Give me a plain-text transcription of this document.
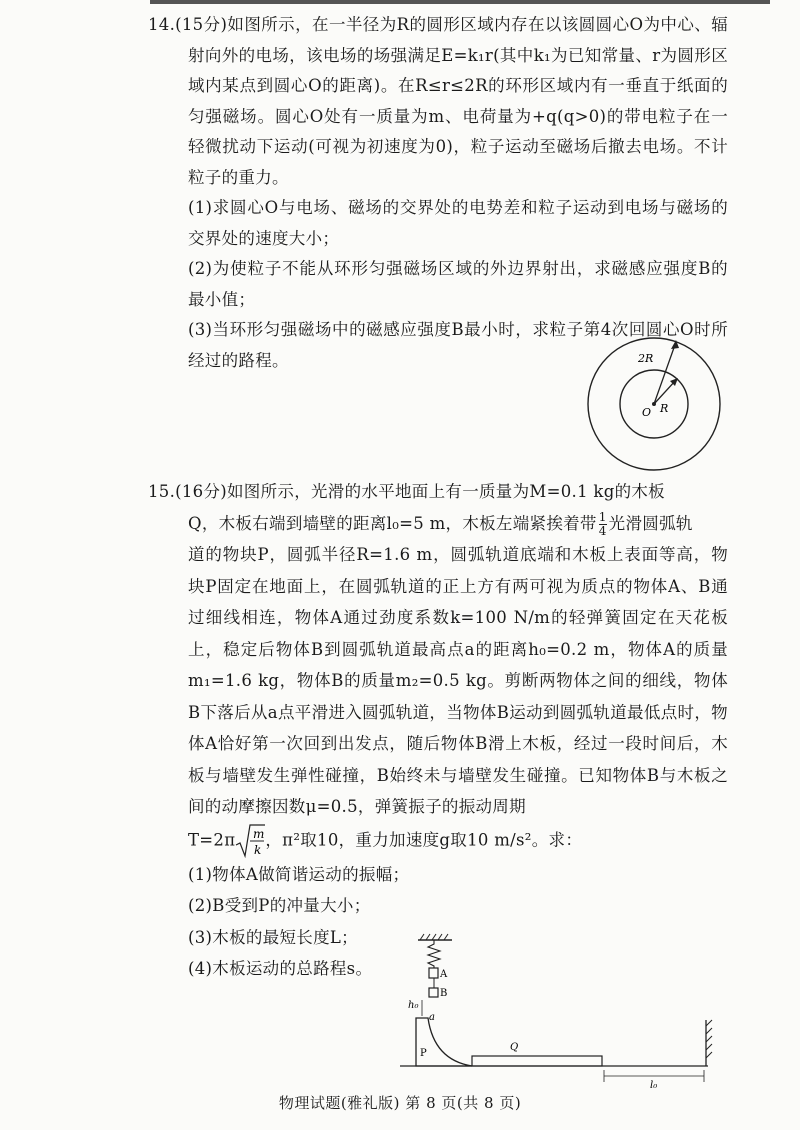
14.(15分)如图所示，在一半径为R的圆形区域内存在以该圆圆心O为中心、辐射向外的电场，该电场的场强满足E=k₁r(其中k₁为已知常量、r为圆形区域内某点到圆心O的距离)。在R≤r≤2R的环形区域内有一垂直于纸面的匀强磁场。圆心O处有一质量为m、电荷量为+q(q>0)的带电粒子在一轻微扰动下运动(可视为初速度为0)，粒子运动至磁场后撤去电场。不计粒子的重力。

(1)求圆心O与电场、磁场的交界处的电势差和粒子运动到电场与磁场的交界处的速度大小；

(2)为使粒子不能从环形匀强磁场区域的外边界射出，求磁感应强度B的最小值；

(3)当环形匀强磁场中的磁感应强度B最小时，求粒子第4次回圆心O时所经过的路程。	2R
R
O

15.(16分)如图所示，光滑的水平地面上有一质量为M=0.1 kg的木板

Q，木板右端到墙壁的距离l₀=5 m，木板左端紧挨着带 $\frac{1}{4}$ 光滑圆弧轨

道的物块P，圆弧半径R=1.6 m，圆弧轨道底端和木板上表面等高，物块P固定在地面上，在圆弧轨道的正上方有两可视为质点的物体A、B通过细线相连，物体A通过劲度系数k=100 N/m的轻弹簧固定在天花板上，稳定后物体B到圆弧轨道最高点a的距离h₀=0.2 m，物体A的质量m₁=1.6 kg，物体B的质量m₂=0.5 kg。剪断两物体之间的细线，物体B下落后从a点平滑进入圆弧轨道，当物体B运动到圆弧轨道最低点时，物体A恰好第一次回到出发点，随后物体B滑上木板，经过一段时间后，木板与墙壁发生弹性碰撞，B始终未与墙壁发生碰撞。已知物体B与木板之间的动摩擦因数μ=0.5，弹簧振子的振动周期

T=2π m
k
，π²取10，重力加速度g取10 m/s²。求：

(1)物体A做简谐运动的振幅；

(2)B受到P的冲量大小；

(3)木板的最短长度L；

(4)木板运动的总路程s。	A
B
h₀
a
P
Q
l₀
物理试题(雅礼版) 第 8 页(共 8 页)
